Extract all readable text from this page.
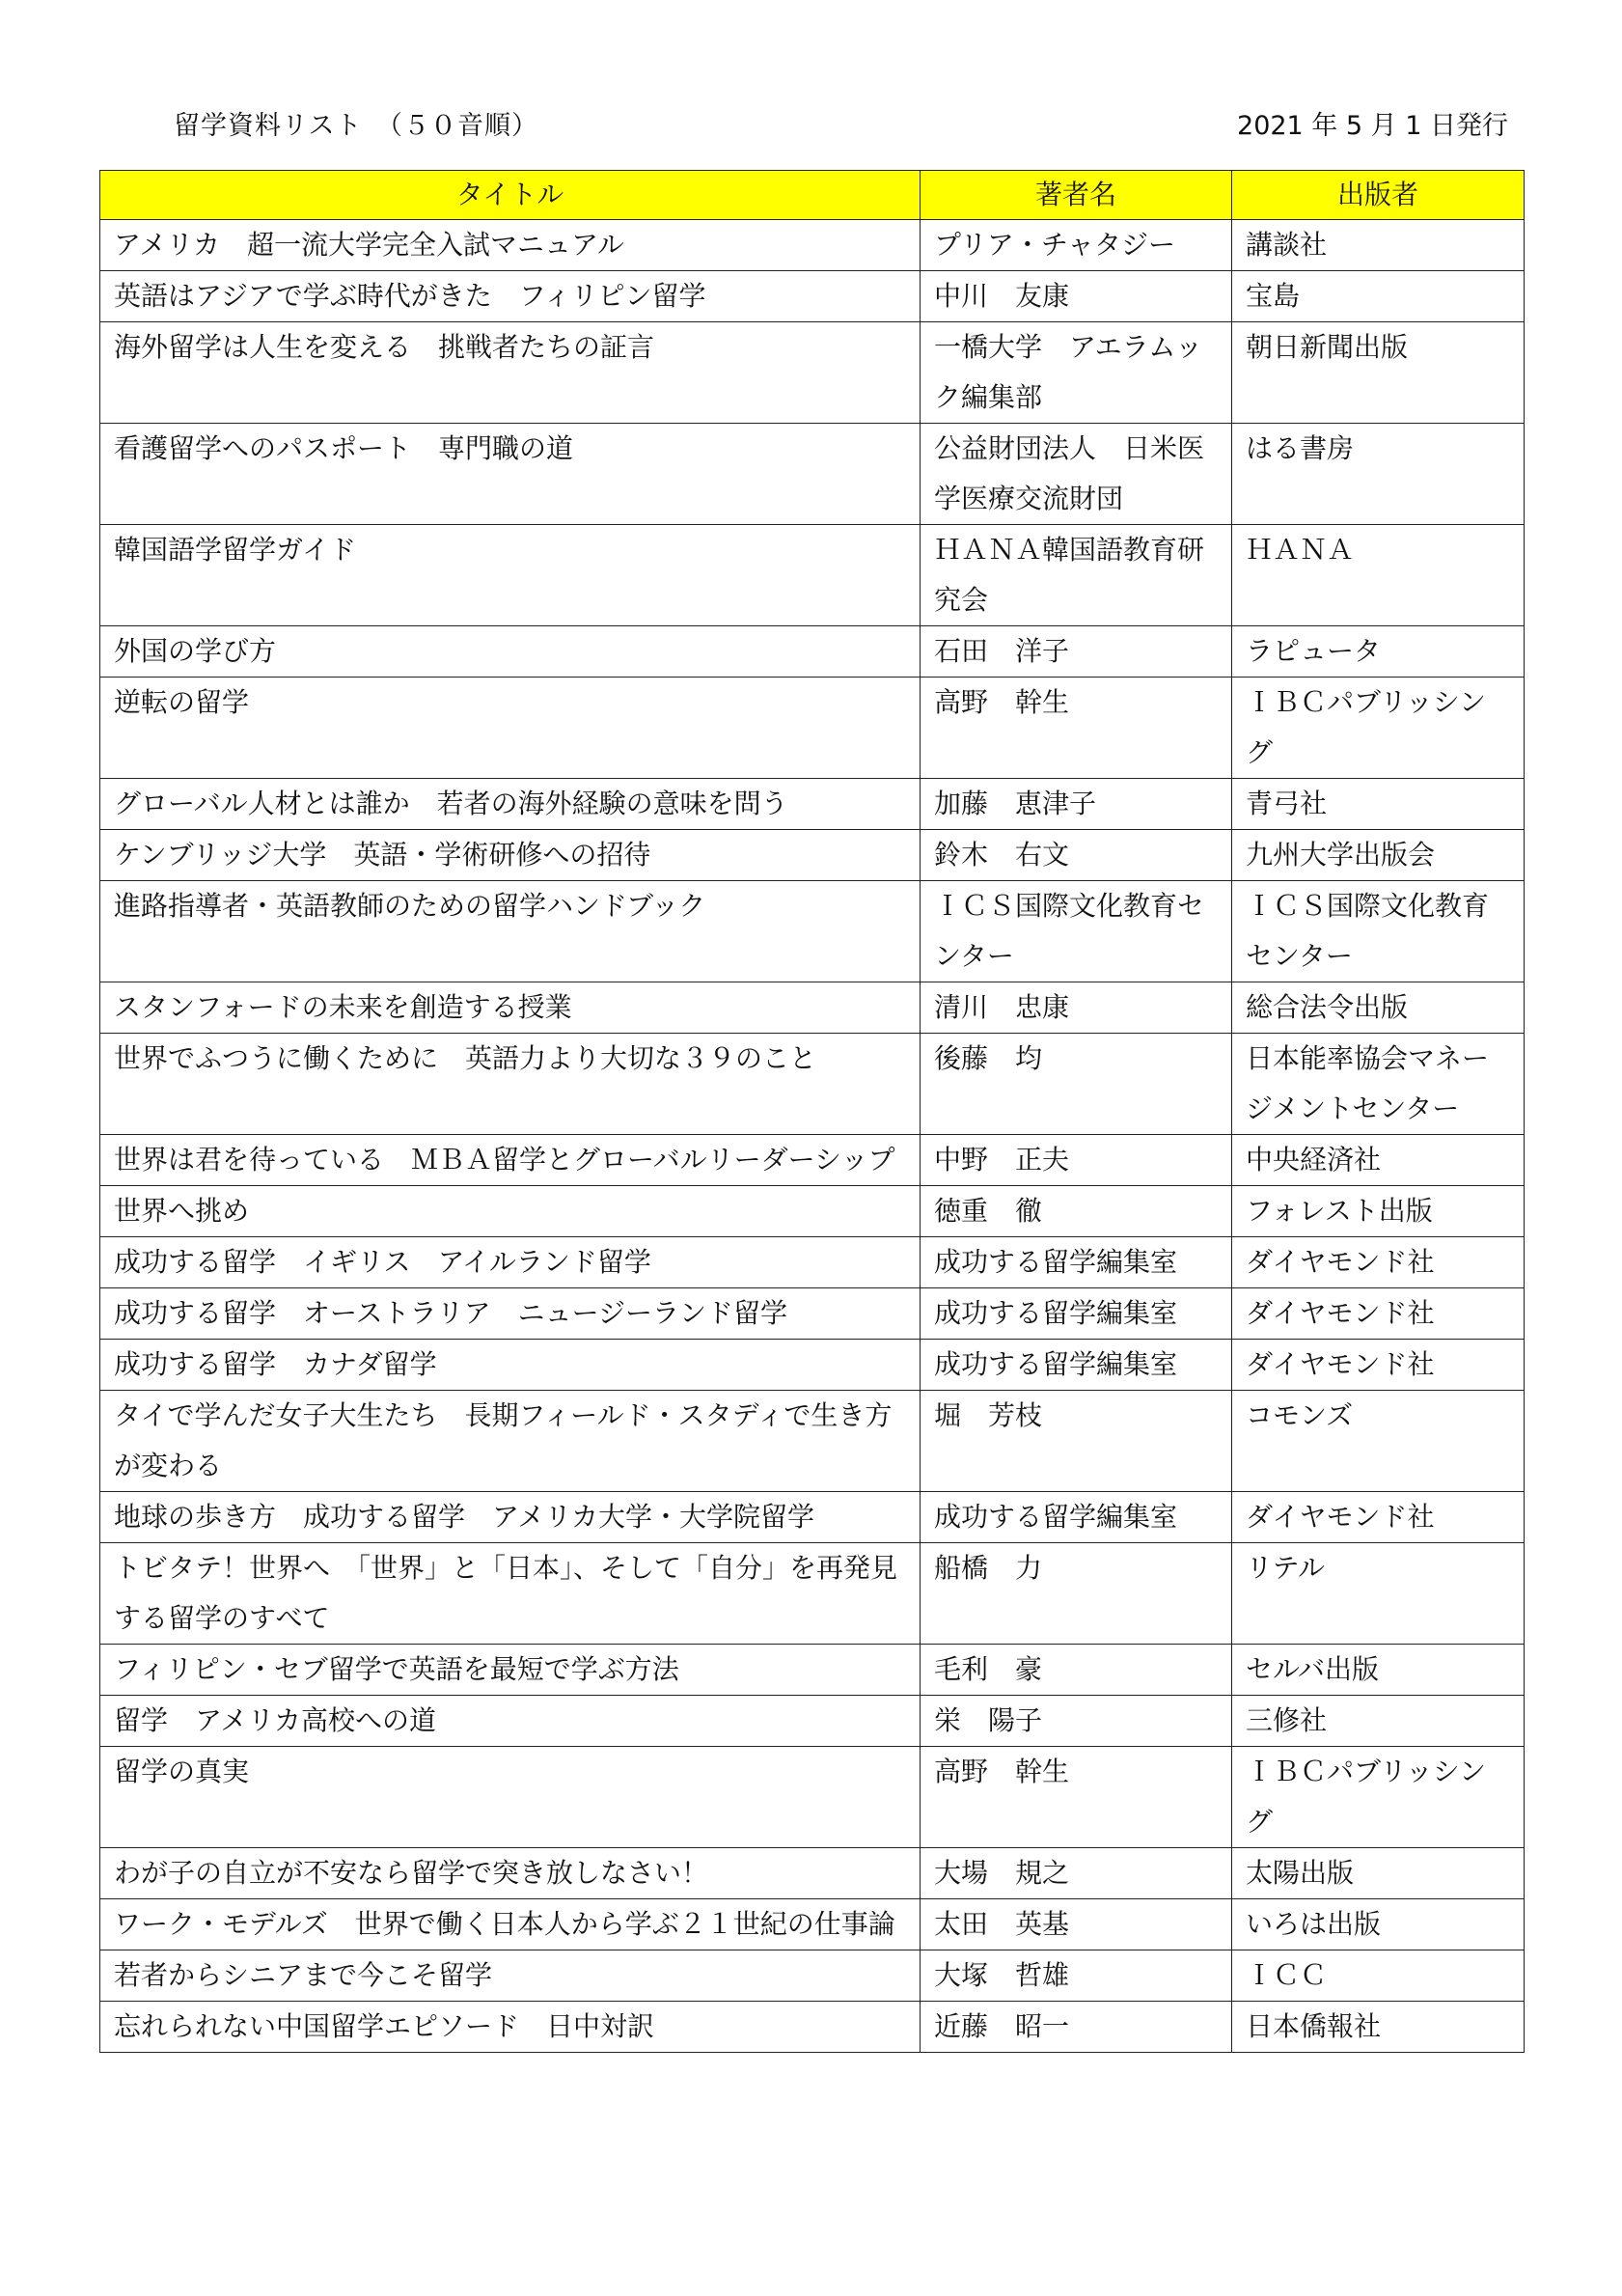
留学資料リスト　（５０音順）	2021 年 5 月 1 日発行
タイトル	著者名	出版者
アメリカ　超一流大学完全入試マニュアル	プリア・チャタジー	講談社
英語はアジアで学ぶ時代がきた　フィリピン留学	中川　友康	宝島
海外留学は人生を変える　挑戦者たちの証言	一橋大学　アエラムック編集部	朝日新聞出版
看護留学へのパスポート　専門職の道	公益財団法人　日米医学医療交流財団	はる書房
韓国語学留学ガイド	ＨＡＮＡ韓国語教育研究会	ＨＡＮＡ
外国の学び方	石田　洋子	ラピュータ
逆転の留学	高野　幹生	ＩＢＣパブリッシング
グローバル人材とは誰か　若者の海外経験の意味を問う	加藤　恵津子	青弓社
ケンブリッジ大学　英語・学術研修への招待	鈴木　右文	九州大学出版会
進路指導者・英語教師のための留学ハンドブック	ＩＣＳ国際文化教育センター	ＩＣＳ国際文化教育センター
スタンフォードの未来を創造する授業	清川　忠康	総合法令出版
世界でふつうに働くために　英語力より大切な３９のこと	後藤　均	日本能率協会マネージメントセンター
世界は君を待っている　ＭＢＡ留学とグローバルリーダーシップ	中野　正夫	中央経済社
世界へ挑め	徳重　徹	フォレスト出版
成功する留学　イギリス　アイルランド留学	成功する留学編集室	ダイヤモンド社
成功する留学　オーストラリア　ニュージーランド留学	成功する留学編集室	ダイヤモンド社
成功する留学　カナダ留学	成功する留学編集室	ダイヤモンド社
タイで学んだ女子大生たち　長期フィールド・スタディで生き方が変わる	堀　芳枝	コモンズ
地球の歩き方　成功する留学　アメリカ大学・大学院留学	成功する留学編集室	ダイヤモンド社
トビタテ！世界へ　「世界」と「日本」、そして「自分」を再発見する留学のすべて	船橋　力	リテル
フィリピン・セブ留学で英語を最短で学ぶ方法	毛利　豪	セルバ出版
留学　アメリカ高校への道	栄　陽子	三修社
留学の真実	高野　幹生	ＩＢＣパブリッシング
わが子の自立が不安なら留学で突き放しなさい！	大場　規之	太陽出版
ワーク・モデルズ　世界で働く日本人から学ぶ２１世紀の仕事論	太田　英基	いろは出版
若者からシニアまで今こそ留学	大塚　哲雄	ＩＣＣ
忘れられない中国留学エピソード　日中対訳	近藤　昭一	日本僑報社
